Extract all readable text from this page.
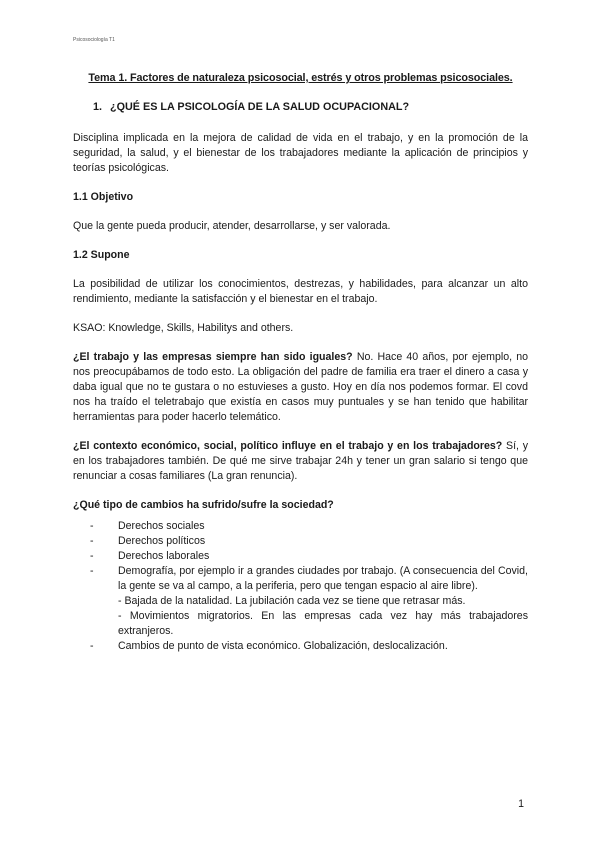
Psicosociología T1
Tema 1. Factores de naturaleza psicosocial, estrés y otros problemas psicosociales.
1. ¿QUÉ ES LA PSICOLOGÍA DE LA SALUD OCUPACIONAL?

Disciplina implicada en la mejora de calidad de vida en el trabajo, y en la promoción de la seguridad, la salud, y el bienestar de los trabajadores mediante la aplicación de principios y teorías psicológicas.

1.1 Objetivo

Que la gente pueda producir, atender, desarrollarse, y ser valorada.

1.2 Supone

La posibilidad de utilizar los conocimientos, destrezas, y habilidades, para alcanzar un alto rendimiento, mediante la satisfacción y el bienestar en el trabajo.

KSAO: Knowledge, Skills, Habilitys and others.

¿El trabajo y las empresas siempre han sido iguales? No. Hace 40 años, por ejemplo, no nos preocupábamos de todo esto. La obligación del padre de familia era traer el dinero a casa y daba igual que no te gustara o no estuvieses a gusto. Hoy en día nos podemos formar. El covd nos ha traído el teletrabajo que existía en casos muy puntuales y se han tenido que habilitar herramientas para poder hacerlo telemático.

¿El contexto económico, social, político influye en el trabajo y en los trabajadores? Sí, y en los trabajadores también. De qué me sirve trabajar 24h y tener un gran salario si tengo que renunciar a cosas familiares (La gran renuncia).

¿Qué tipo de cambios ha sufrido/sufre la sociedad?
- Derechos sociales
- Derechos políticos
- Derechos laborales
- Demografía, por ejemplo ir a grandes ciudades por trabajo. (A consecuencia del Covid, la gente se va al campo, a la periferia, pero que tengan espacio al aire libre).
- Bajada de la natalidad. La jubilación cada vez se tiene que retrasar más.
- Movimientos migratorios. En las empresas cada vez hay más trabajadores extranjeros.
- Cambios de punto de vista económico. Globalización, deslocalización.
1
